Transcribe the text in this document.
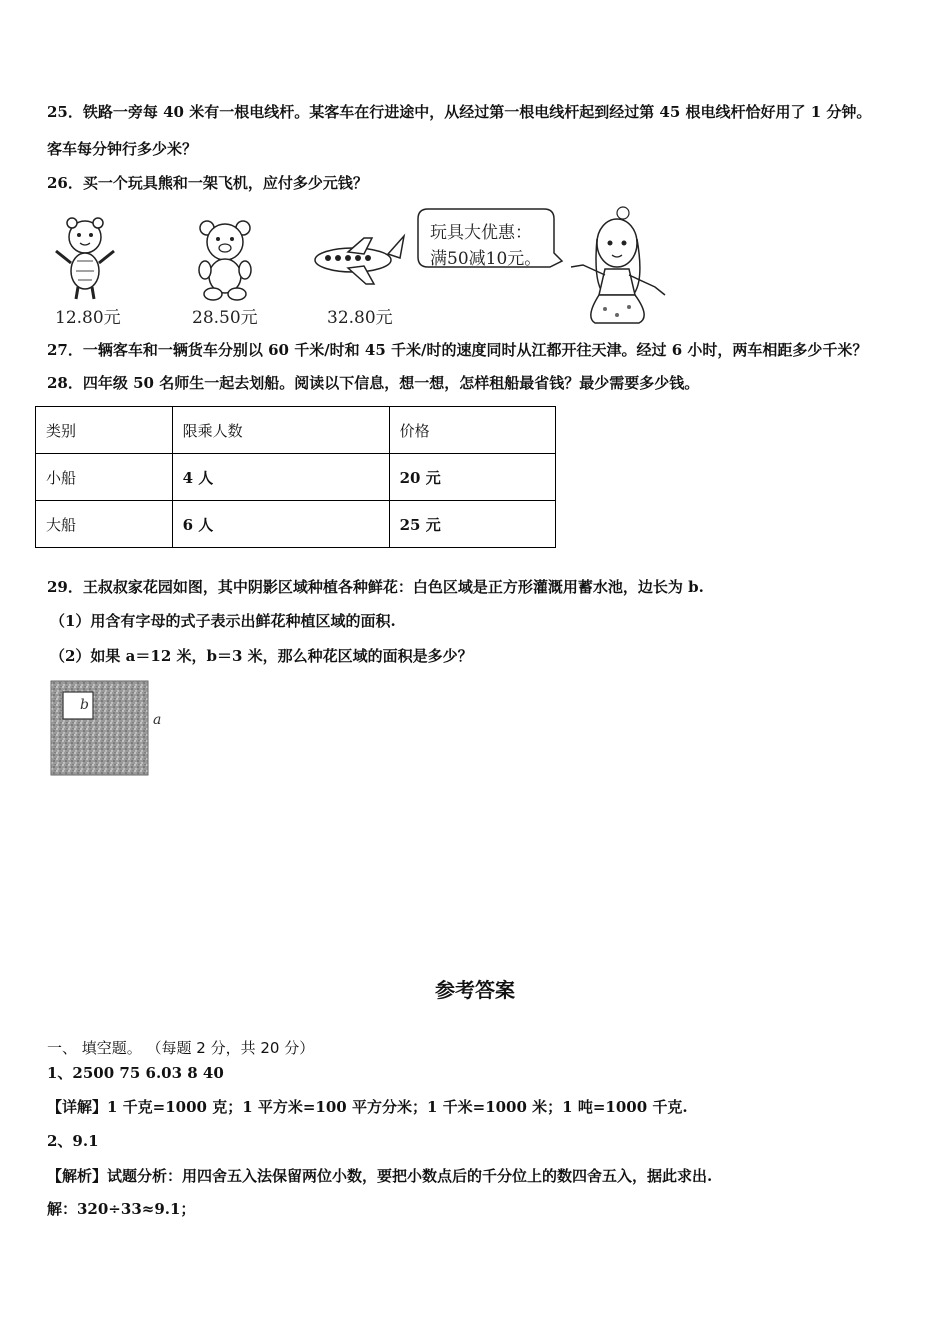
25．铁路一旁每 40 米有一根电线杆。某客车在行进途中，从经过第一根电线杆起到经过第 45 根电线杆恰好用了 1 分钟。
客车每分钟行多少米？
26．买一个玩具熊和一架飞机，应付多少元钱？
12.80元	28.50元	32.80元
玩具大优惠：
满50减10元。
27．一辆客车和一辆货车分别以 60 千米/时和 45 千米/时的速度同时从江都开往天津。经过 6 小时，两车相距多少千米？
28．四年级 50 名师生一起去划船。阅读以下信息，想一想，怎样租船最省钱？最少需要多少钱。
类别	限乘人数	价格
小船	4 人	20 元
大船	6 人	25 元
29．王叔叔家花园如图，其中阴影区域种植各种鲜花：白色区域是正方形灌溉用蓄水池，边长为 b.
（1）用含有字母的式子表示出鲜花种植区域的面积.
（2）如果 a＝12 米，b＝3 米，那么种花区域的面积是多少？
b
a
参考答案
一、 填空题。 （每题 2 分，共 20 分）
1、2500 75 6.03 8 40
【详解】1 千克=1000 克；1 平方米=100 平方分米；1 千米=1000 米；1 吨=1000 千克.
2、9.1
【解析】试题分析：用四舍五入法保留两位小数，要把小数点后的千分位上的数四舍五入，据此求出.
解：320÷33≈9.1；
